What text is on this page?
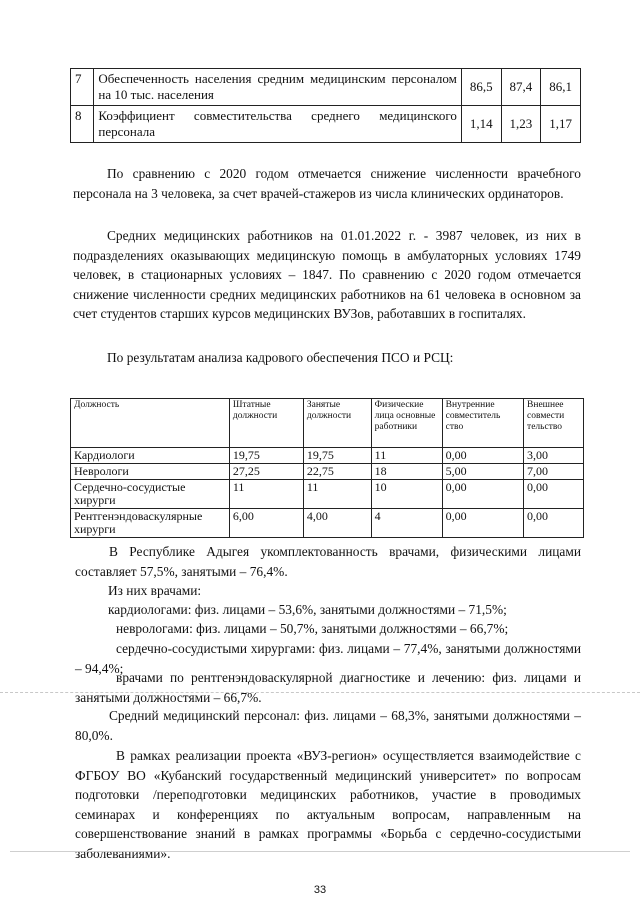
7	Обеспеченность населения средним медицинским персоналом на 10 тыс. населения	86,5	87,4	86,1
8	Коэффициент совместительства среднего медицинского персонала	1,14	1,23	1,17

По сравнению с 2020 годом отмечается снижение численности врачебного персонала на 3 человека, за счет врачей-стажеров из числа клинических ординаторов.

Средних медицинских работников на 01.01.2022 г. - 3987 человек, из них в подразделениях оказывающих медицинскую помощь в амбулаторных условиях 1749 человек, в стационарных условиях – 1847. По сравнению с 2020 годом отмечается снижение численности средних медицинских работников на 61 человека в основном за счет студентов старших курсов медицинских ВУЗов, работавших в госпиталях.

По результатам анализа кадрового обеспечения ПСО и РСЦ:

Должность	Штатные должности	Занятые должности	Физические лица основные работники	Внутренние совместитель ство	Внешнее совмести тельство
Кардиологи	19,75	19,75	11	0,00	3,00
Неврологи	27,25	22,75	18	5,00	7,00
Сердечно-сосудистые хирурги	11	11	10	0,00	0,00
Рентгенэндоваскулярные хирурги	6,00	4,00	4	0,00	0,00

В Республике Адыгея укомплектованность врачами, физическими лицами составляет 57,5%, занятыми – 76,4%.

Из них врачами:

кардиологами: физ. лицами – 53,6%, занятыми должностями – 71,5%;

неврологами: физ. лицами – 50,7%, занятыми должностями – 66,7%;

сердечно-сосудистыми хирургами: физ. лицами – 77,4%, занятыми должностями – 94,4%;

врачами по рентгенэндоваскулярной диагностике и лечению: физ. лицами и занятыми должностями – 66,7%.

Средний медицинский персонал: физ. лицами – 68,3%, занятыми должностями – 80,0%.

В рамках реализации проекта «ВУЗ-регион» осуществляется взаимодействие с ФГБОУ ВО «Кубанский государственный медицинский университет» по вопросам подготовки /переподготовки медицинских работников, участие в проводимых семинарах и конференциях по актуальным вопросам, направленным на совершенствование знаний в рамках программы «Борьба с сердечно-сосудистыми заболеваниями».

33
